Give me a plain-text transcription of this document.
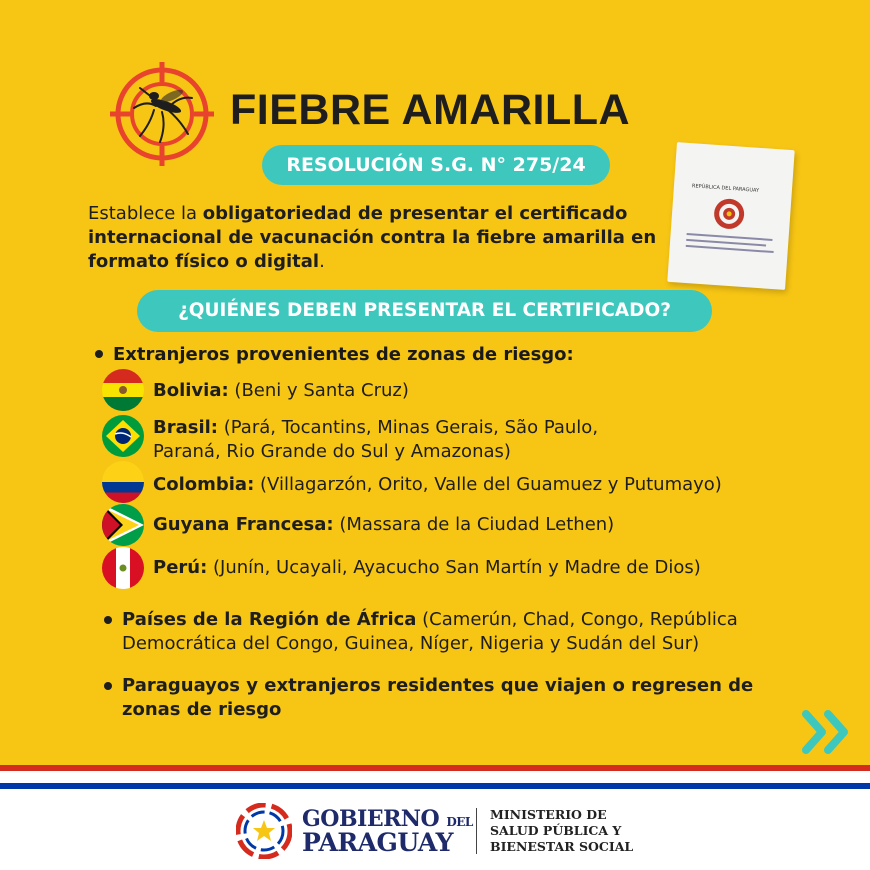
FIEBRE AMARILLA
RESOLUCIÓN S.G. N° 275/24
REPÚBLICA DEL PARAGUAY
Establece la obligatoriedad de presentar el certificado internacional de vacunación contra la fiebre amarilla en formato físico o digital.
¿QUIÉNES DEBEN PRESENTAR EL CERTIFICADO?
Extranjeros provenientes de zonas de riesgo:
Bolivia: (Beni y Santa Cruz)
Brasil: (Pará, Tocantins, Minas Gerais, São Paulo,
Paraná, Rio Grande do Sul y Amazonas)
Colombia: (Villagarzón, Orito, Valle del Guamuez y Putumayo)
Guyana Francesa: (Massara de la Ciudad Lethen)
Perú: (Junín, Ucayali, Ayacucho San Martín y Madre de Dios)
Países de la Región de África (Camerún, Chad, Congo, República Democrática del Congo, Guinea, Níger, Nigeria y Sudán del Sur)
Paraguayos y extranjeros residentes que viajen o regresen de zonas de riesgo
GOBIERNO DEL
PARAGUAY
MINISTERIO DE
SALUD PÚBLICA Y
BIENESTAR SOCIAL
